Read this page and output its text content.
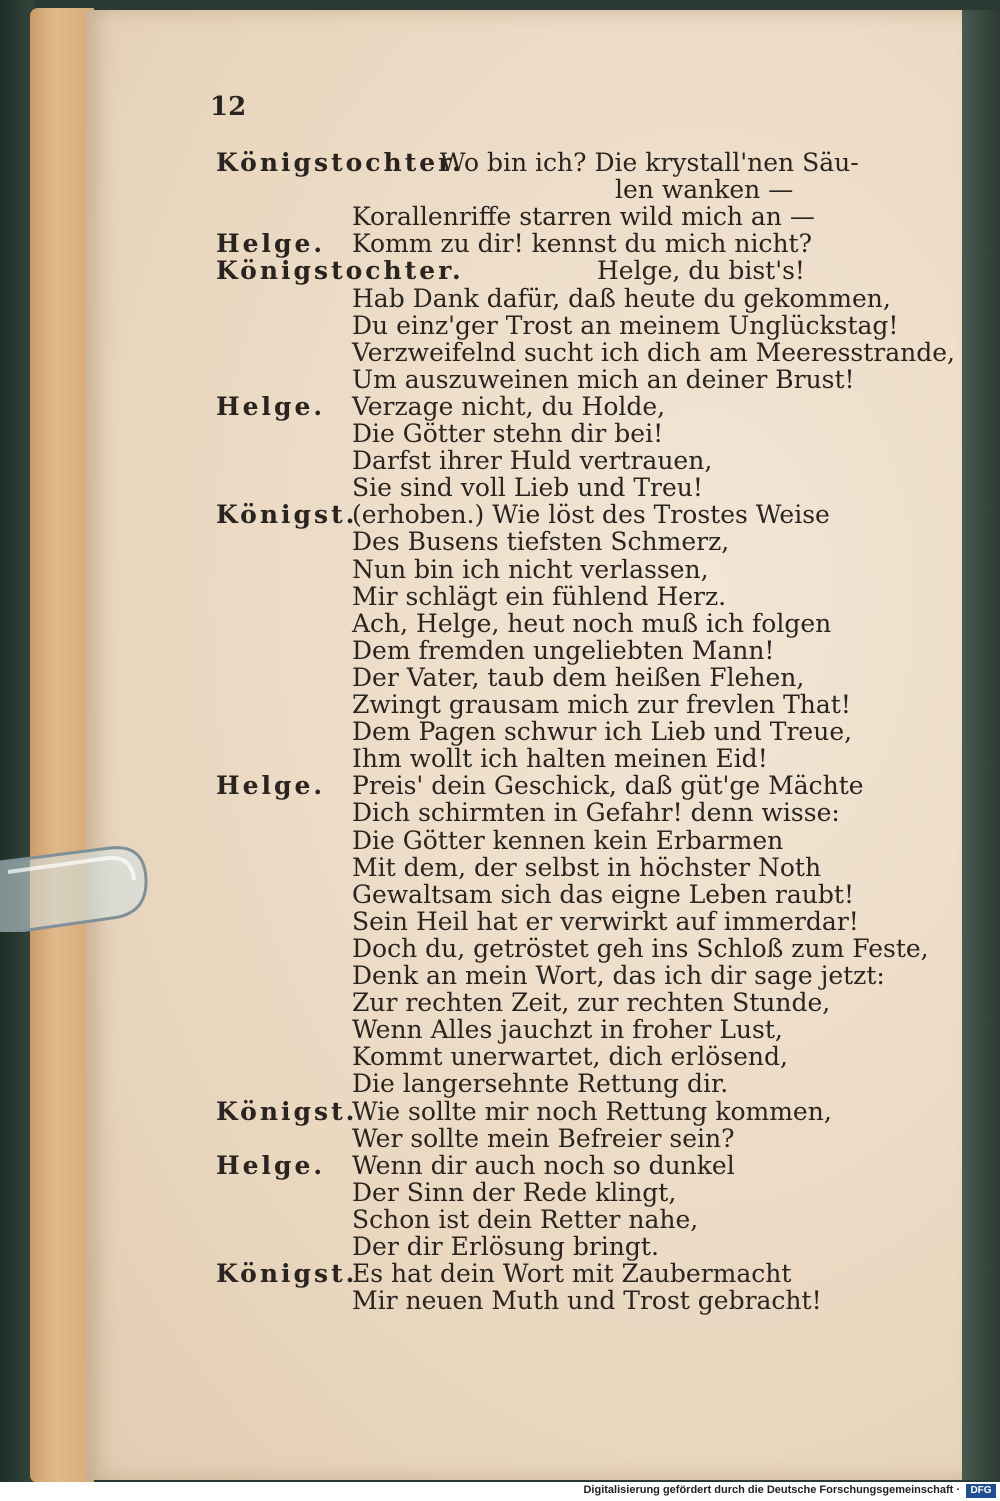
12
Königstochter.
Wo bin ich? Die krystall'nen Säu-
len wanken —
Korallenriffe starren wild mich an —
Helge. Komm zu dir! kennst du mich nicht?
Königstochter.	Helge, du bist's!
Hab Dank dafür, daß heute du gekommen,
Du einz'ger Trost an meinem Unglückstag!
Verzweifelnd sucht ich dich am Meeresstrande,
Um auszuweinen mich an deiner Brust!
Helge. Verzage nicht, du Holde,
Die Götter stehn dir bei!
Darfst ihrer Huld vertrauen,
Sie sind voll Lieb und Treu!
Königst.
(erhoben.) Wie löst des Trostes Weise
Des Busens tiefsten Schmerz,
Nun bin ich nicht verlassen,
Mir schlägt ein fühlend Herz.
Ach, Helge, heut noch muß ich folgen
Dem fremden ungeliebten Mann!
Der Vater, taub dem heißen Flehen,
Zwingt grausam mich zur frevlen That!
Dem Pagen schwur ich Lieb und Treue,
Ihm wollt ich halten meinen Eid!
Helge. Preis' dein Geschick, daß güt'ge Mächte
Dich schirmten in Gefahr! denn wisse:
Die Götter kennen kein Erbarmen
Mit dem, der selbst in höchster Noth
Gewaltsam sich das eigne Leben raubt!
Sein Heil hat er verwirkt auf immerdar!
Doch du, getröstet geh ins Schloß zum Feste,
Denk an mein Wort, das ich dir sage jetzt:
Zur rechten Zeit, zur rechten Stunde,
Wenn Alles jauchzt in froher Lust,
Kommt unerwartet, dich erlösend,
Die langersehnte Rettung dir.
Königst.
Wie sollte mir noch Rettung kommen,
Wer sollte mein Befreier sein?
Helge. Wenn dir auch noch so dunkel
Der Sinn der Rede klingt,
Schon ist dein Retter nahe,
Der dir Erlösung bringt.
Königst.
Es hat dein Wort mit Zaubermacht
Mir neuen Muth und Trost gebracht!
Digitalisierung gefördert durch die Deutsche Forschungsgemeinschaft ·	DFG
